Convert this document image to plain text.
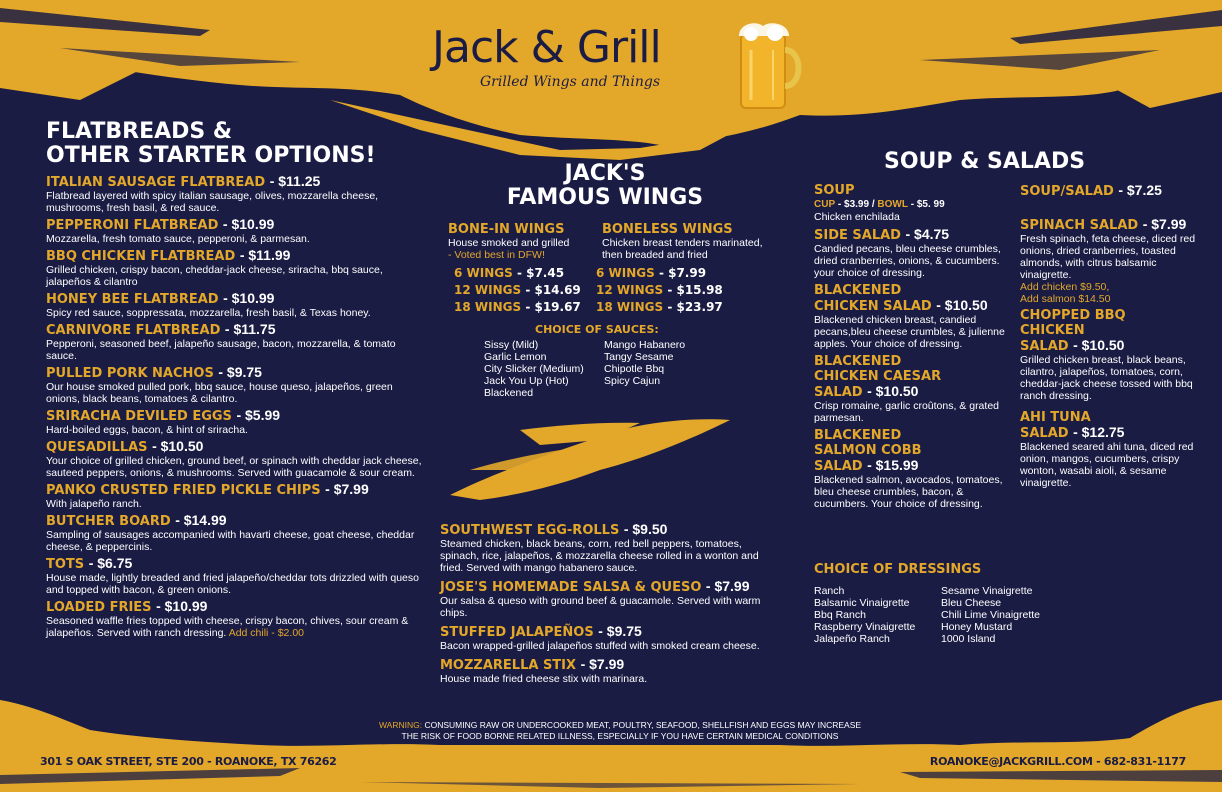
Jack & Grill
Grilled Wings and Things
FLATBREADS &
OTHER STARTER OPTIONS!
ITALIAN SAUSAGE FLATBREAD - $11.25
Flatbread layered with spicy italian sausage, olives, mozzarella cheese, mushrooms, fresh basil, & red sauce.
PEPPERONI FLATBREAD - $10.99
Mozzarella, fresh tomato sauce, pepperoni, & parmesan.
BBQ CHICKEN FLATBREAD - $11.99
Grilled chicken, crispy bacon, cheddar-jack cheese, sriracha, bbq sauce, jalapeños & cilantro
HONEY BEE FLATBREAD - $10.99
Spicy red sauce, soppressata, mozzarella, fresh basil, & Texas honey.
CARNIVORE FLATBREAD - $11.75
Pepperoni, seasoned beef, jalapeño sausage, bacon, mozzarella, & tomato sauce.
PULLED PORK NACHOS - $9.75
Our house smoked pulled pork, bbq sauce, house queso, jalapeños, green onions, black beans, tomatoes & cilantro.
SRIRACHA DEVILED EGGS - $5.99
Hard-boiled eggs, bacon, & hint of sriracha.
QUESADILLAS - $10.50
Your choice of grilled chicken, ground beef, or spinach with cheddar jack cheese, sauteed peppers, onions, & mushrooms. Served with guacamole & sour cream.
PANKO CRUSTED FRIED PICKLE CHIPS - $7.99
With jalapeño ranch.
BUTCHER BOARD - $14.99
Sampling of sausages accompanied with havarti cheese, goat cheese, cheddar cheese, & peppercinis.
TOTS - $6.75
House made, lightly breaded and fried jalapeño/cheddar tots drizzled with queso and topped with bacon, & green onions.
LOADED FRIES - $10.99
Seasoned waffle fries topped with cheese, crispy bacon, chives, sour cream & jalapeños. Served with ranch dressing. Add chili - $2.00
JACK'S
FAMOUS WINGS
BONE-IN WINGS
House smoked and grilled
- Voted best in DFW!
6 WINGS - $7.45
12 WINGS - $14.69
18 WINGS - $19.67
BONELESS WINGS
Chicken breast tenders marinated, then breaded and fried
6 WINGS - $7.99
12 WINGS - $15.98
18 WINGS - $23.97
CHOICE OF SAUCES:
Sissy (Mild)
Garlic Lemon
City Slicker (Medium)
Jack You Up (Hot)
Blackened
Mango Habanero
Tangy Sesame
Chipotle Bbq
Spicy Cajun
SOUTHWEST EGG-ROLLS - $9.50
Steamed chicken, black beans, corn, red bell peppers, tomatoes, spinach, rice, jalapeños, & mozzarella cheese rolled in a wonton and fried. Served with mango habanero sauce.
JOSE'S HOMEMADE SALSA & QUESO - $7.99
Our salsa & queso with ground beef & guacamole. Served with warm chips.
STUFFED JALAPEÑOS - $9.75
Bacon wrapped-grilled jalapeños stuffed with smoked cream cheese.
MOZZARELLA STIX - $7.99
House made fried cheese stix with marinara.
SOUP & SALADS
SOUP
CUP - $3.99 / BOWL - $5. 99
Chicken enchilada
SIDE SALAD - $4.75
Candied pecans, bleu cheese crumbles, dried cranberries, onions, & cucumbers. your choice of dressing.
BLACKENED
CHICKEN SALAD - $10.50
Blackened chicken breast, candied pecans,bleu cheese crumbles, & julienne apples. Your choice of dressing.
BLACKENED
CHICKEN CAESAR
SALAD - $10.50
Crisp romaine, garlic croûtons, & grated parmesan.
BLACKENED
SALMON COBB
SALAD - $15.99
Blackened salmon, avocados, tomatoes, bleu cheese crumbles, bacon, & cucumbers. Your choice of dressing.
SOUP/SALAD - $7.25
SPINACH SALAD - $7.99
Fresh spinach, feta cheese, diced red onions, dried cranberries, toasted almonds, with citrus balsamic vinaigrette.
Add chicken $9.50,
Add salmon $14.50
CHOPPED BBQ
CHICKEN
SALAD - $10.50
Grilled chicken breast, black beans, cilantro, jalapeños, tomatoes, corn, cheddar-jack cheese tossed with bbq ranch dressing.
AHI TUNA
SALAD - $12.75
Blackened seared ahi tuna, diced red onion, mangos, cucumbers, crispy wonton, wasabi aioli, & sesame vinaigrette.
CHOICE OF DRESSINGS
Ranch
Balsamic Vinaigrette
Bbq Ranch
Raspberry Vinaigrette
Jalapeño Ranch
Sesame Vinaigrette
Bleu Cheese
Chili Lime Vinaigrette
Honey Mustard
1000 Island
WARNING: CONSUMING RAW OR UNDERCOOKED MEAT, POULTRY, SEAFOOD, SHELLFISH AND EGGS MAY INCREASE
THE RISK OF FOOD BORNE RELATED ILLNESS, ESPECIALLY IF YOU HAVE CERTAIN MEDICAL CONDITIONS
301 S OAK STREET, STE 200 - ROANOKE, TX 76262	ROANOKE@JACKGRILL.COM - 682-831-1177
